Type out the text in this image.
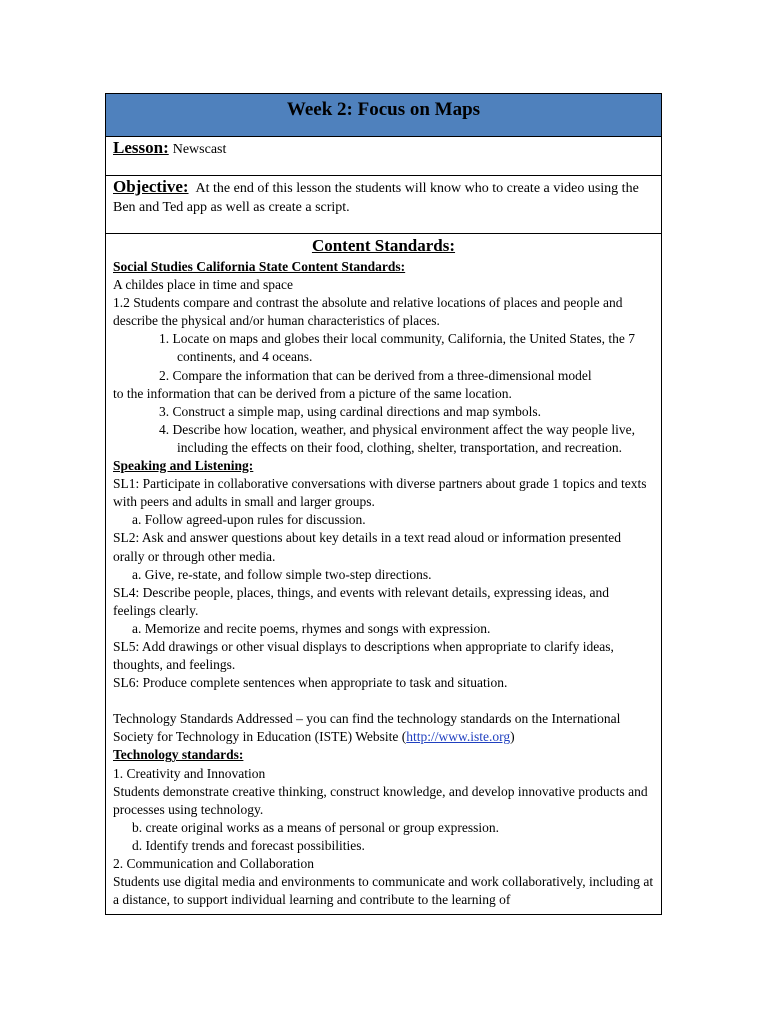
Week 2: Focus on Maps

Lesson: Newscast

Objective: At the end of this lesson the students will know who to create a video using the Ben and Ted app as well as create a script.

Content Standards:

Social Studies California State Content Standards:

A childes place in time and space

1.2 Students compare and contrast the absolute and relative locations of places and people and describe the physical and/or human characteristics of places.

1. Locate on maps and globes their local community, California, the United States, the 7 continents, and 4 oceans.

2. Compare the information that can be derived from a three-dimensional model

to the information that can be derived from a picture of the same location.

3. Construct a simple map, using cardinal directions and map symbols.

4. Describe how location, weather, and physical environment affect the way people live, including the effects on their food, clothing, shelter, transportation, and recreation.

Speaking and Listening:

SL1: Participate in collaborative conversations with diverse partners about grade 1 topics and texts with peers and adults in small and larger groups.

a. Follow agreed-upon rules for discussion.

SL2: Ask and answer questions about key details in a text read aloud or information presented orally or through other media.

a. Give, re-state, and follow simple two-step directions.

SL4: Describe people, places, things, and events with relevant details, expressing ideas, and feelings clearly.

a. Memorize and recite poems, rhymes and songs with expression.

SL5: Add drawings or other visual displays to descriptions when appropriate to clarify ideas, thoughts, and feelings.

SL6: Produce complete sentences when appropriate to task and situation.

Technology Standards Addressed – you can find the technology standards on the International Society for Technology in Education (ISTE) Website (http://www.iste.org)

Technology standards:

1. Creativity and Innovation

Students demonstrate creative thinking, construct knowledge, and develop innovative products and processes using technology.

b. create original works as a means of personal or group expression.

d. Identify trends and forecast possibilities.

2. Communication and Collaboration

Students use digital media and environments to communicate and work collaboratively, including at a distance, to support individual learning and contribute to the learning of
